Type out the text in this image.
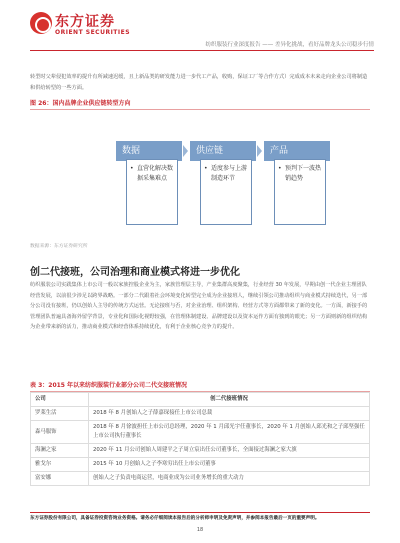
东方证券
ORIENT SECURITIES
纺织服装行业深度报告 —— 差异化挑战，看好品牌龙头公司稳步行情

转型时父辈侵犯效率的提升有所减速迟缓，且上新品类的研发能力进一步代工产品，收购，保证工厂等合作方式）完成成本未来走向企业公司将制造和供给转型的一些方面。

图 26：国内品牌企业供应链转型方向
数据
• 直营化解决数据采集难点
供应链
• 适度参与上游制造环节
产品
• 预判下一波热销趋势
数据来源：东方证券研究所
创二代接班，公司治理和商业模式将进一步优化

纺织服装公司实践集体上市公司一般以家族控股企业为主，家族管理层主导，产业集群高度聚集，行业经营 30 年发展，早期由创一代企业主理团队经营发展，以前很少涉足以跨界战略。一部分二代跟着社会环境变化转型完全成为企业接班人，继续引领公司推动组织与商业模式持续迭代，另一部分公司没有接班，仍以创始人主导的传统方式运营。无论接班与否，对企业治理、组织架构、经营方式等方面都带来了新的变化。一方面，新接手的管理团队普遍具备海外留学背景，专业化和国际化视野较强，在管理体制建设、品牌建设以及资本运作方面有独到的眼光；另一方面则新的组织结构为企业带来新的活力，推动商业模式和经营体系持续优化，有利于企业核心竞争力的提升。

表 3：2015 年以来纺织服装行业部分公司二代交接班情况
公司	创二代接班情况
罗莱生活	2018 年 8 月创始人之子薛嘉琛接任上市公司总裁
森马服饰	2018 年 8 月徐波担任上市公司总经理，2020 年 1 月邱光宇任董事长，2020 年 1 月创始人邱光和之子邱坚强任上市公司执行董事长
海澜之家	2020 年 11 月公司创始人周建平之子周立宸出任公司董事长，全面接过海澜之家大旗
雅戈尔	2015 年 10 月创始人之子李寒穷出任上市公司董事
富安娜	创始人之子负责电商运营，电商业成为公司业务增长的重大动力
东方证券股份有限公司，具备证券投资咨询业务资格。请务必仔细阅读本报告后的分析师申明及免责声明，并参阅本报告最后一页的重要声明。
18
